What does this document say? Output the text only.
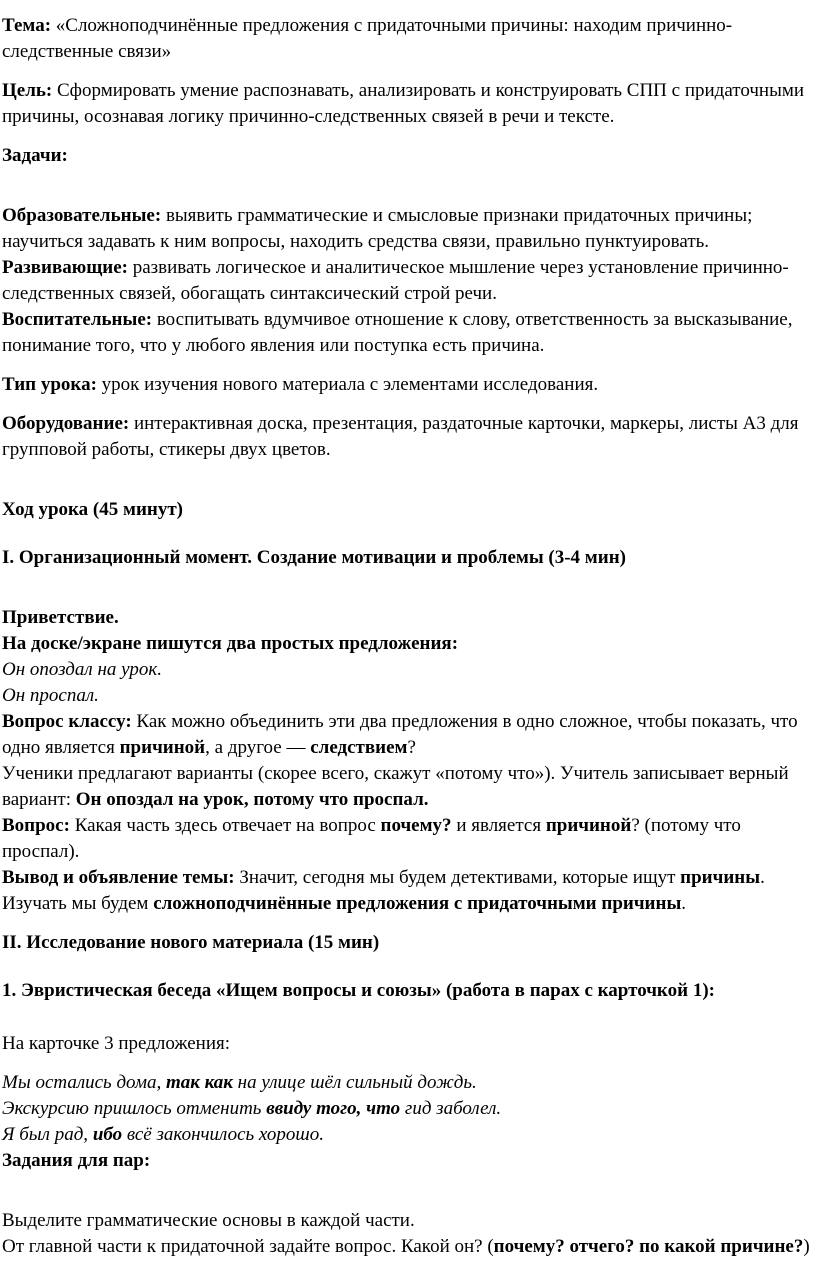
Тема: «Сложноподчинённые предложения с придаточными причины: находим причинно-следственные связи»

Цель: Сформировать умение распознавать, анализировать и конструировать СПП с придаточными причины, осознавая логику причинно-следственных связей в речи и тексте.

Задачи:

Образовательные: выявить грамматические и смысловые признаки придаточных причины; научиться задавать к ним вопросы, находить средства связи, правильно пунктуировать.

Развивающие: развивать логическое и аналитическое мышление через установление причинно-следственных связей, обогащать синтаксический строй речи.

Воспитательные: воспитывать вдумчивое отношение к слову, ответственность за высказывание, понимание того, что у любого явления или поступка есть причина.

Тип урока: урок изучения нового материала с элементами исследования.

Оборудование: интерактивная доска, презентация, раздаточные карточки, маркеры, листы А3 для групповой работы, стикеры двух цветов.

Ход урока (45 минут)

I. Организационный момент. Создание мотивации и проблемы (3-4 мин)

Приветствие.

На доске/экране пишутся два простых предложения:

Он опоздал на урок.

Он проспал.

Вопрос классу: Как можно объединить эти два предложения в одно сложное, чтобы показать, что одно является причиной, а другое — следствием?

Ученики предлагают варианты (скорее всего, скажут «потому что»). Учитель записывает верный вариант: Он опоздал на урок, потому что проспал.

Вопрос: Какая часть здесь отвечает на вопрос почему? и является причиной? (потому что проспал).

Вывод и объявление темы: Значит, сегодня мы будем детективами, которые ищут причины. Изучать мы будем сложноподчинённые предложения с придаточными причины.

II. Исследование нового материала (15 мин)

1. Эвристическая беседа «Ищем вопросы и союзы» (работа в парах с карточкой 1):

На карточке 3 предложения:

Мы остались дома, так как на улице шёл сильный дождь.

Экскурсию пришлось отменить ввиду того, что гид заболел.

Я был рад, ибо всё закончилось хорошо.

Задания для пар:

Выделите грамматические основы в каждой части.

От главной части к придаточной задайте вопрос. Какой он? (почему? отчего? по какой причине?)
